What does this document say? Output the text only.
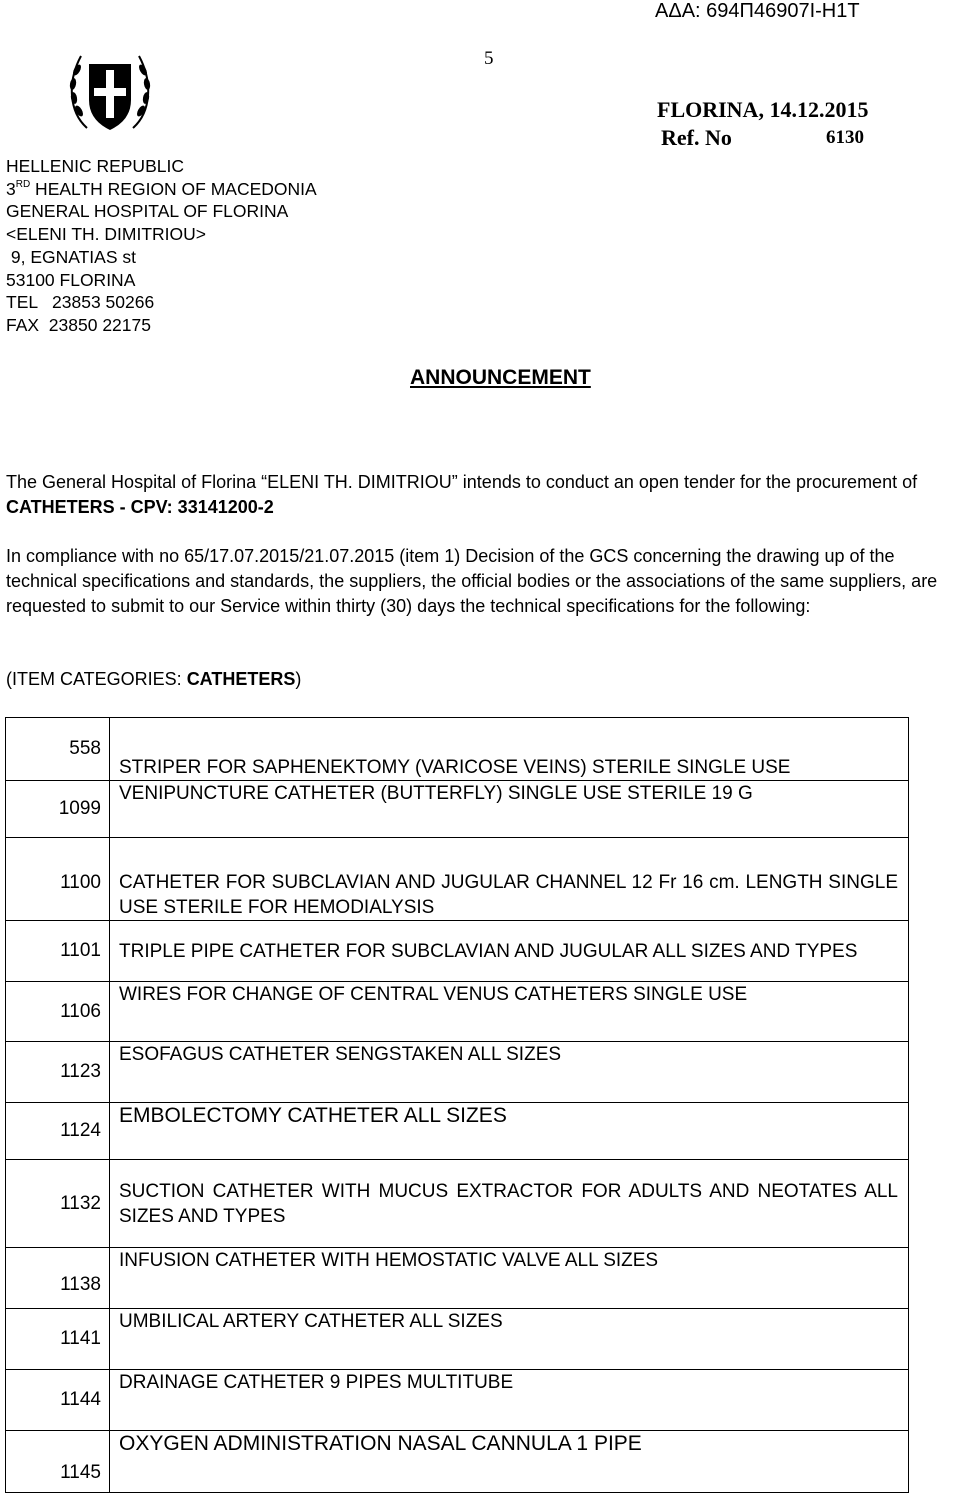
ΑΔΑ: 694Π46907Ι-Η1Τ
5
FLORINA, 14.12.2015
Ref. No	6130
HELLENIC REPUBLIC
3RD HEALTH REGION OF MACEDONIA
GENERAL HOSPITAL OF FLORINA
<ELENI TH. DIMITRIOU>
9, EGNATIAS st
53100 FLORINA
TEL   23853 50266
FAX  23850 22175
ANNOUNCEMENT
The General Hospital of Florina “ELENI TH. DIMITRIOU” intends to conduct an open tender for the procurement of CATHETERS - CPV: 33141200-2
In compliance with no 65/17.07.2015/21.07.2015 (item 1) Decision of the GCS concerning the drawing up of the technical specifications and standards, the suppliers, the official bodies or the associations of the same suppliers, are requested to submit to our Service within thirty (30) days the technical specifications for the following:
(ITEM CATEGORIES: CATHETERS)
558	STRIPER FOR SAPHENEKTOMY (VARICOSE VEINS) STERILE SINGLE USE
1099	VENIPUNCTURE CATHETER (BUTTERFLY) SINGLE USE STERILE 19 G
1100	CATHETER FOR SUBCLAVIAN AND JUGULAR CHANNEL 12 Fr 16 cm. LENGTH SINGLE USE STERILE FOR HEMODIALYSIS
1101	TRIPLE PIPE CATHETER FOR SUBCLAVIAN AND JUGULAR ALL SIZES AND TYPES
1106	WIRES FOR CHANGE OF CENTRAL VENUS CATHETERS SINGLE USE
1123	ESOFAGUS CATHETER SENGSTAKEN ALL SIZES
1124	EMBOLECTOMY CATHETER ALL SIZES
1132	SUCTION CATHETER WITH MUCUS EXTRACTOR FOR ADULTS AND NEOTATES ALL SIZES AND TYPES
1138	INFUSION CATHETER WITH HEMOSTATIC VALVE ALL SIZES
1141	UMBILICAL ARTERY CATHETER ALL SIZES
1144	DRAINAGE CATHETER 9 PIPES MULTITUBE
1145	OXYGEN ADMINISTRATION NASAL CANNULA 1 PIPE
